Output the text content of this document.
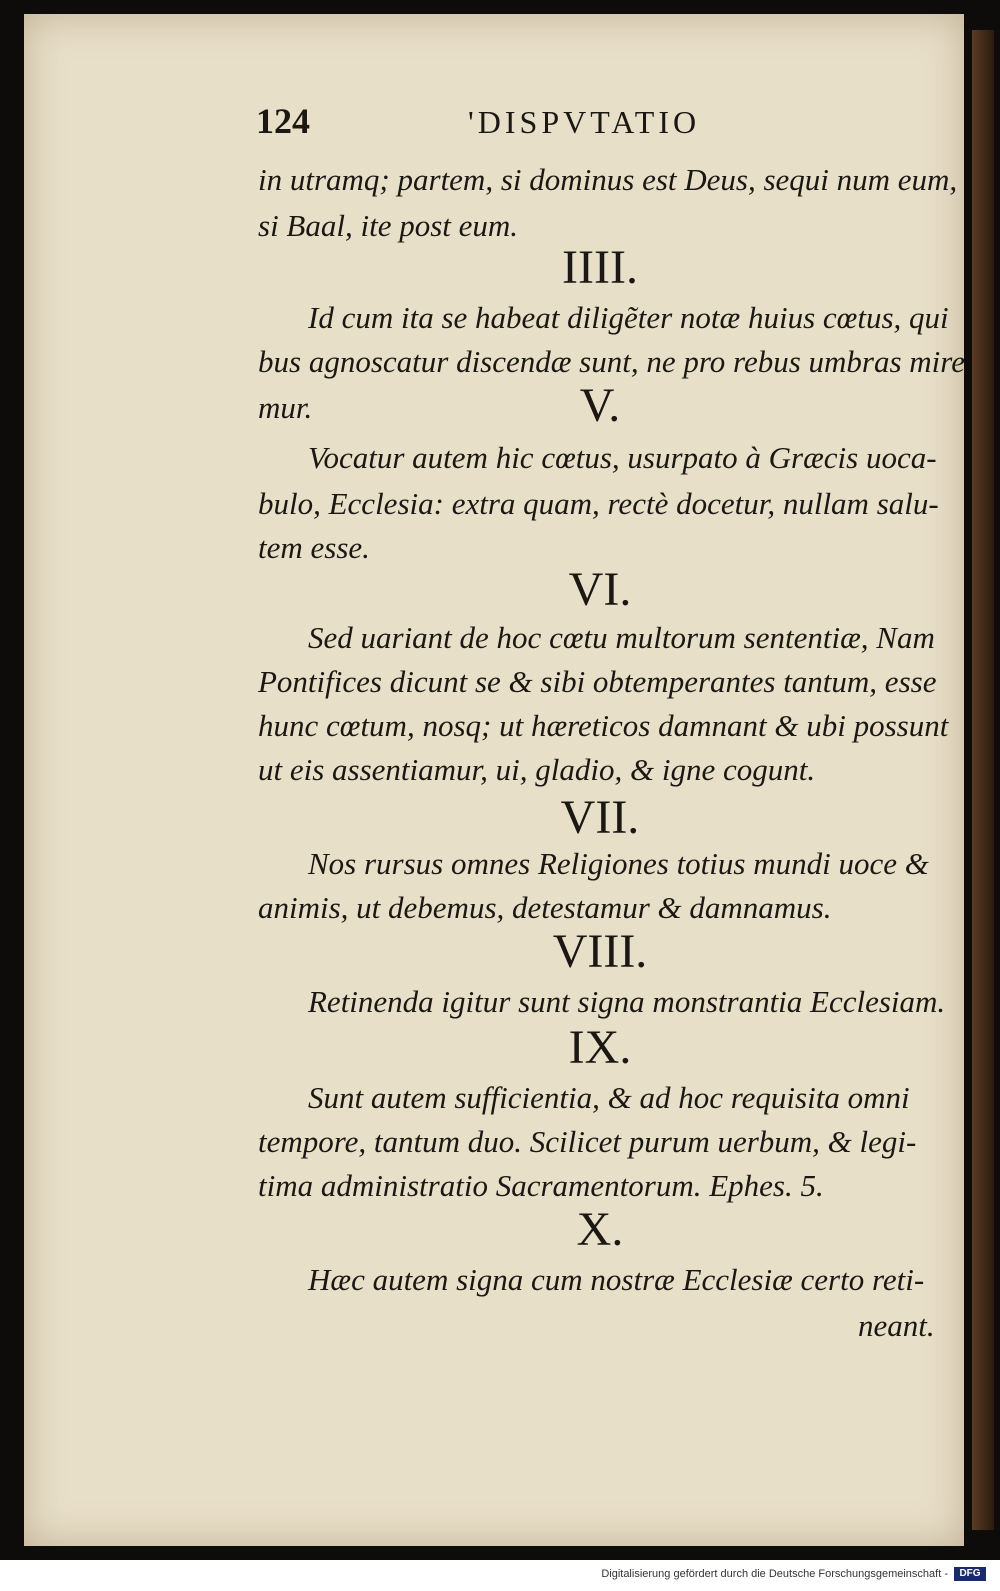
124	'DISPVTATIO
in utramq; partem, si dominus est Deus, sequi num eum,
si Baal, ite post eum.
IIII.
Id cum ita se habeat diligẽter notæ huius cœtus, qui
bus agnoscatur discendæ sunt, ne pro rebus umbras mire
mur.	V.
Vocatur autem hic cœtus, usurpato à Græcis uoca-
bulo, Ecclesia: extra quam, rectè docetur, nullam salu-
tem esse.
VI.
Sed uariant de hoc cœtu multorum sententiæ, Nam
Pontifices dicunt se & sibi obtemperantes tantum, esse
hunc cœtum, nosq; ut hæreticos damnant & ubi possunt
ut eis assentiamur, ui, gladio, & igne cogunt.
VII.
Nos rursus omnes Religiones totius mundi uoce &
animis, ut debemus, detestamur & damnamus.
VIII.
Retinenda igitur sunt signa monstrantia Ecclesiam.
IX.
Sunt autem sufficientia, & ad hoc requisita omni
tempore, tantum duo. Scilicet purum uerbum, & legi-
tima administratio Sacramentorum. Ephes. 5.
X.
Hæc autem signa cum nostræ Ecclesiæ certo reti-
neant.
Digitalisierung gefördert durch die Deutsche Forschungsgemeinschaft -	DFG
